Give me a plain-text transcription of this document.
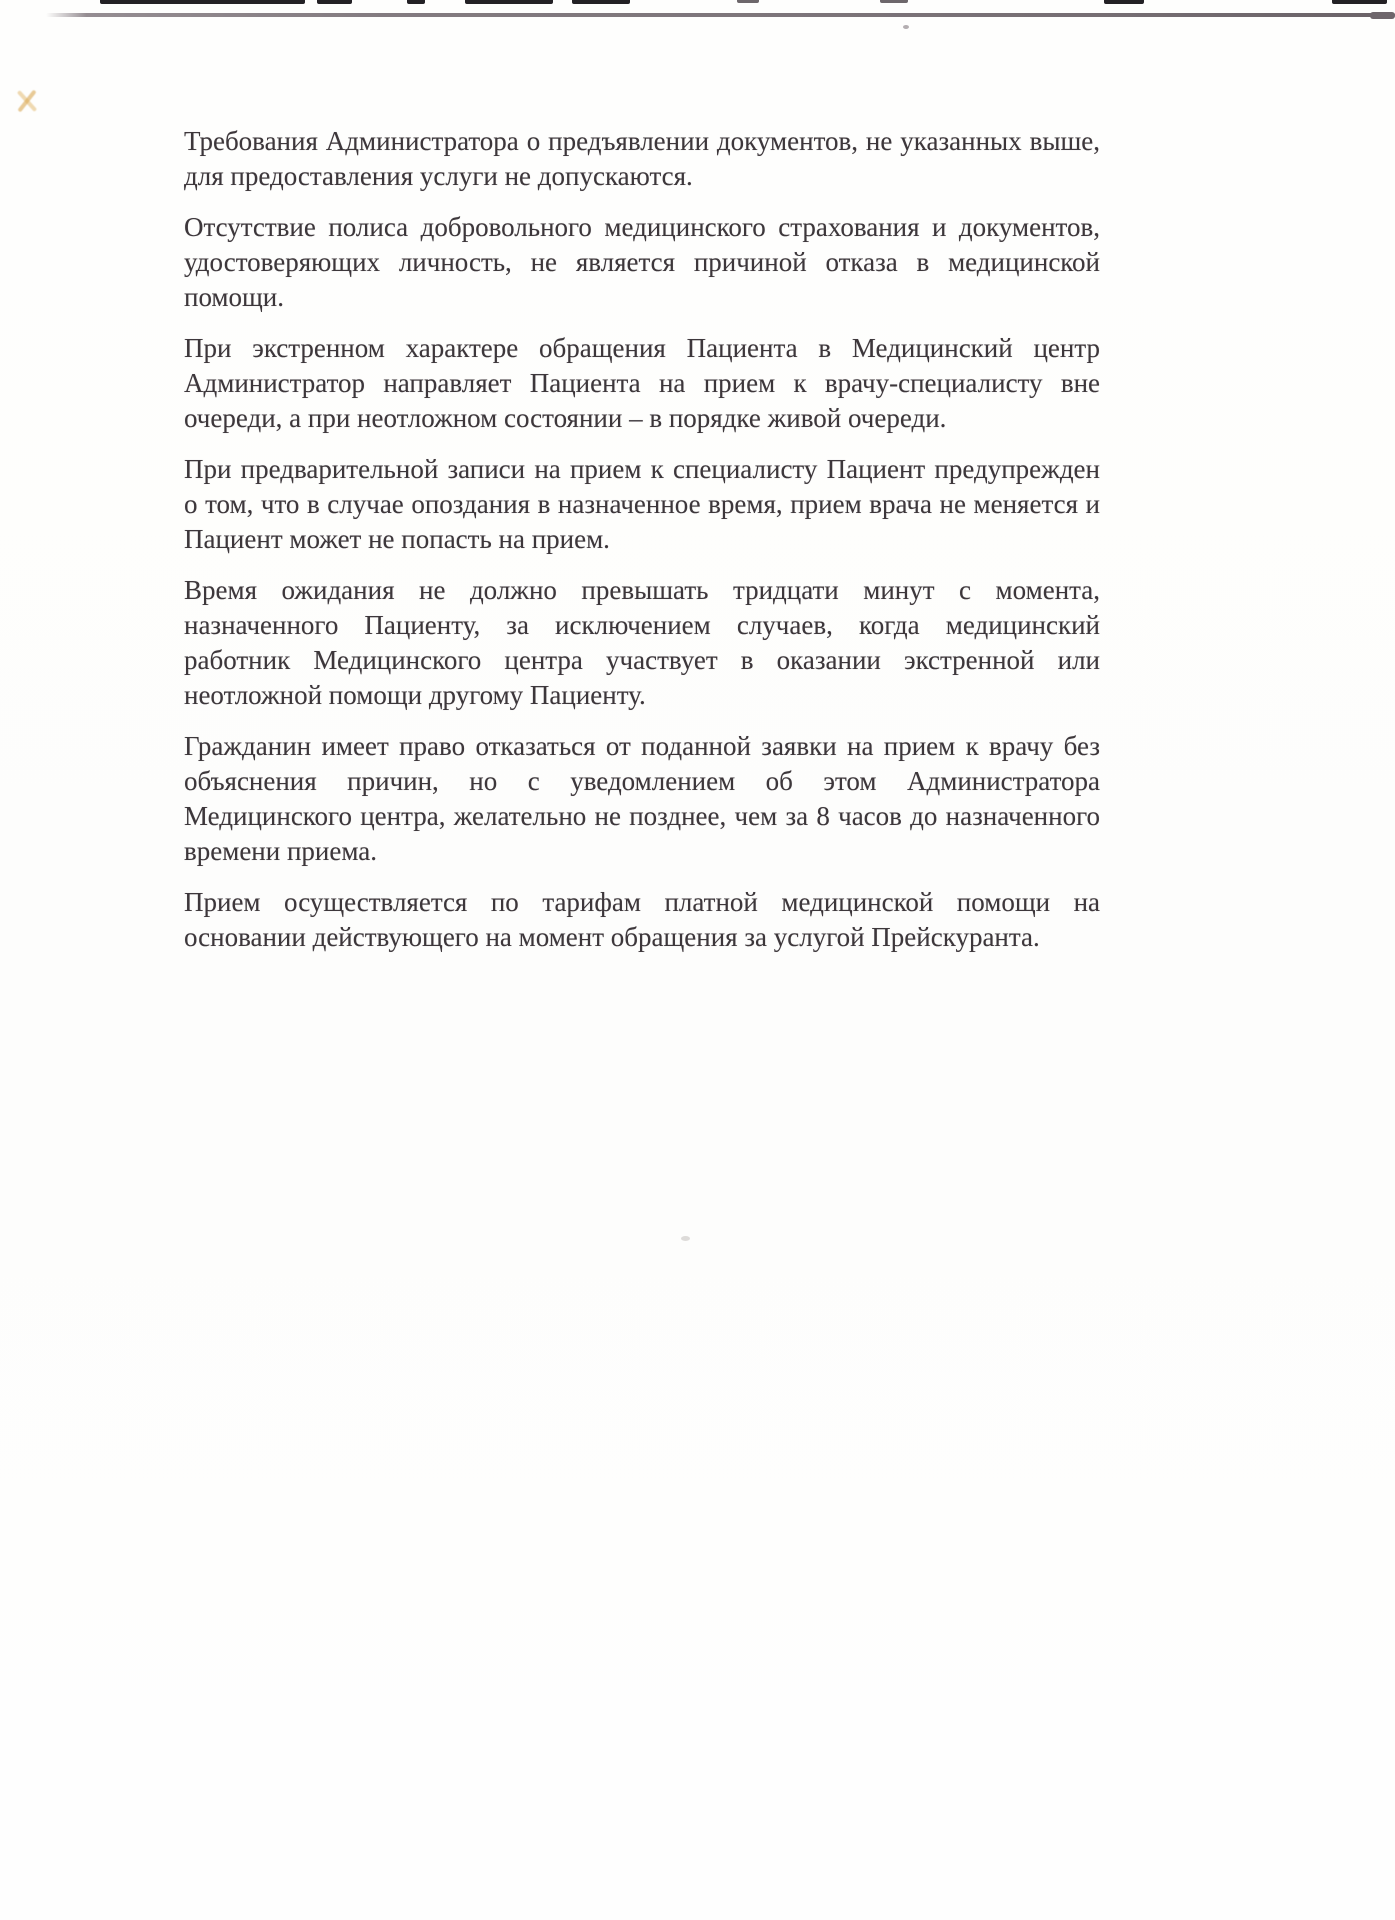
Требования Администратора о предъявлении документов, не указанных выше,
для предоставления услуги не допускаются.

Отсутствие полиса добровольного медицинского страхования и документов,
удостоверяющих личность, не является причиной отказа в медицинской
помощи.

При экстренном характере обращения Пациента в Медицинский центр
Администратор направляет Пациента на прием к врачу-специалисту вне
очереди, а при неотложном состоянии – в порядке живой очереди.

При предварительной записи на прием к специалисту Пациент предупрежден
о том, что в случае опоздания в назначенное время, прием врача не меняется и
Пациент может не попасть на прием.

Время ожидания не должно превышать тридцати минут с момента,
назначенного Пациенту, за исключением случаев, когда медицинский
работник Медицинского центра участвует в оказании экстренной или
неотложной помощи другому Пациенту.

Гражданин имеет право отказаться от поданной заявки на прием к врачу без
объяснения причин, но с уведомлением об этом Администратора
Медицинского центра, желательно не позднее, чем за 8 часов до назначенного
времени приема.

Прием осуществляется по тарифам платной медицинской помощи на
основании действующего на момент обращения за услугой Прейскуранта.
